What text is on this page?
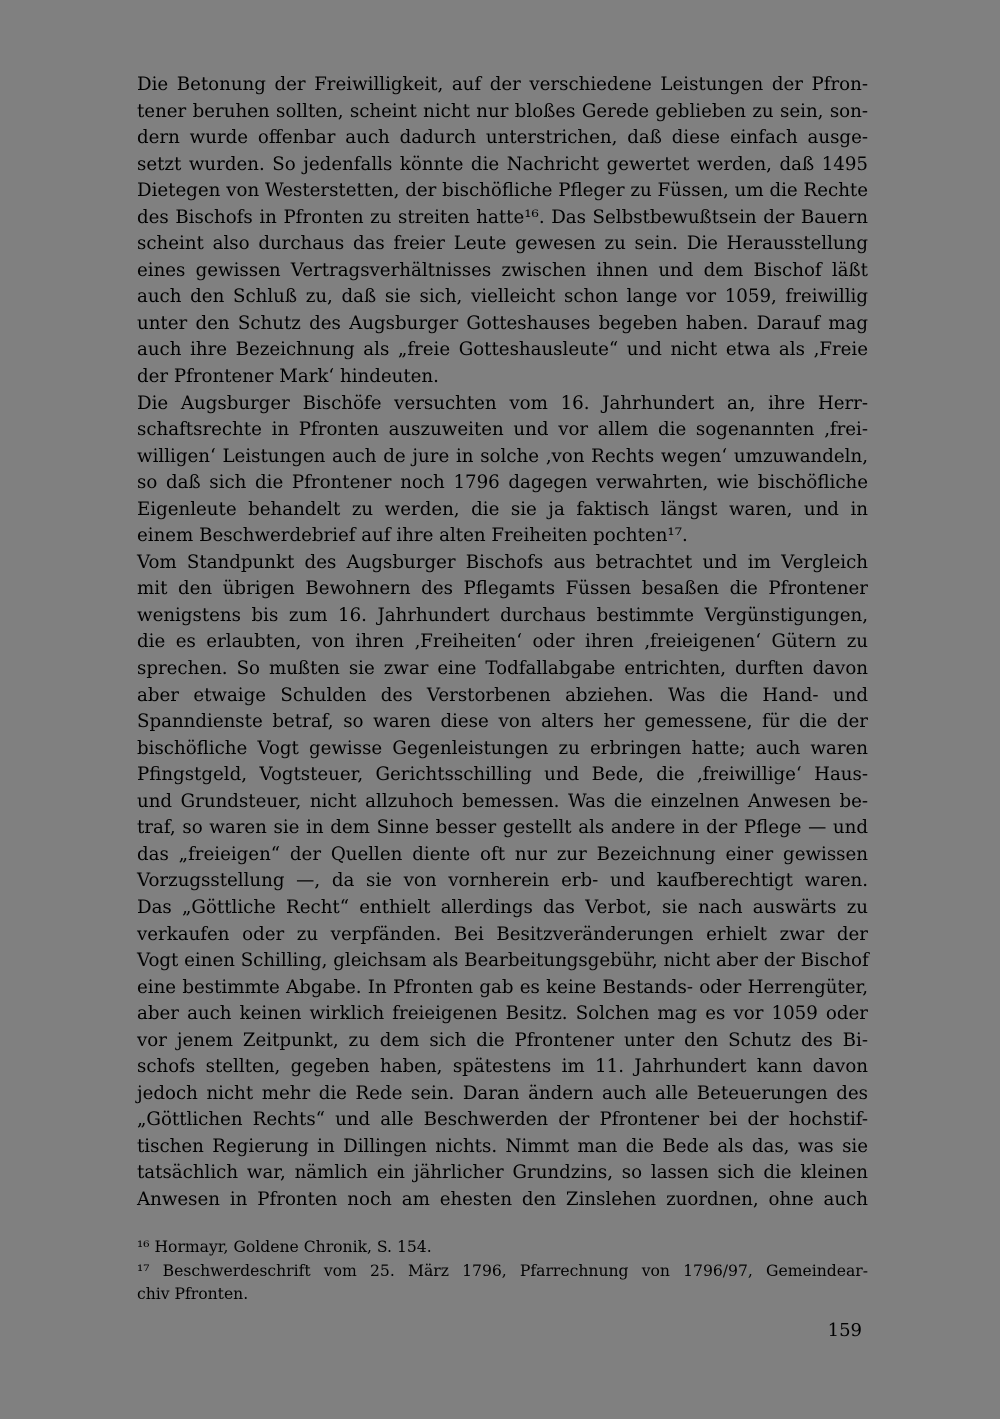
Die Betonung der Freiwilligkeit, auf der verschiedene Leistungen der Pfron-
tener beruhen sollten, scheint nicht nur bloßes Gerede geblieben zu sein, son-
dern wurde offenbar auch dadurch unterstrichen, daß diese einfach ausge-
setzt wurden. So jedenfalls könnte die Nachricht gewertet werden, daß 1495
Dietegen von Westerstetten, der bischöfliche Pfleger zu Füssen, um die Rechte
des Bischofs in Pfronten zu streiten hatte¹⁶. Das Selbstbewußtsein der Bauern
scheint also durchaus das freier Leute gewesen zu sein. Die Herausstellung
eines gewissen Vertragsverhältnisses zwischen ihnen und dem Bischof läßt
auch den Schluß zu, daß sie sich, vielleicht schon lange vor 1059, freiwillig
unter den Schutz des Augsburger Gotteshauses begeben haben. Darauf mag
auch ihre Bezeichnung als „freie Gotteshausleute“ und nicht etwa als ‚Freie
der Pfrontener Mark‘ hindeuten.
Die Augsburger Bischöfe versuchten vom 16. Jahrhundert an, ihre Herr-
schaftsrechte in Pfronten auszuweiten und vor allem die sogenannten ‚frei-
willigen‘ Leistungen auch de jure in solche ‚von Rechts wegen‘ umzuwandeln,
so daß sich die Pfrontener noch 1796 dagegen verwahrten, wie bischöfliche
Eigenleute behandelt zu werden, die sie ja faktisch längst waren, und in
einem Beschwerdebrief auf ihre alten Freiheiten pochten¹⁷.
Vom Standpunkt des Augsburger Bischofs aus betrachtet und im Vergleich
mit den übrigen Bewohnern des Pflegamts Füssen besaßen die Pfrontener
wenigstens bis zum 16. Jahrhundert durchaus bestimmte Vergünstigungen,
die es erlaubten, von ihren ‚Freiheiten‘ oder ihren ‚freieigenen‘ Gütern zu
sprechen. So mußten sie zwar eine Todfallabgabe entrichten, durften davon
aber etwaige Schulden des Verstorbenen abziehen. Was die Hand- und
Spanndienste betraf, so waren diese von alters her gemessene, für die der
bischöfliche Vogt gewisse Gegenleistungen zu erbringen hatte; auch waren
Pfingstgeld, Vogtsteuer, Gerichtsschilling und Bede, die ‚freiwillige‘ Haus-
und Grundsteuer, nicht allzuhoch bemessen. Was die einzelnen Anwesen be-
traf, so waren sie in dem Sinne besser gestellt als andere in der Pflege — und
das „freieigen“ der Quellen diente oft nur zur Bezeichnung einer gewissen
Vorzugsstellung —, da sie von vornherein erb- und kaufberechtigt waren.
Das „Göttliche Recht“ enthielt allerdings das Verbot, sie nach auswärts zu
verkaufen oder zu verpfänden. Bei Besitzveränderungen erhielt zwar der
Vogt einen Schilling, gleichsam als Bearbeitungsgebühr, nicht aber der Bischof
eine bestimmte Abgabe. In Pfronten gab es keine Bestands- oder Herrengüter,
aber auch keinen wirklich freieigenen Besitz. Solchen mag es vor 1059 oder
vor jenem Zeitpunkt, zu dem sich die Pfrontener unter den Schutz des Bi-
schofs stellten, gegeben haben, spätestens im 11. Jahrhundert kann davon
jedoch nicht mehr die Rede sein. Daran ändern auch alle Beteuerungen des
„Göttlichen Rechts“ und alle Beschwerden der Pfrontener bei der hochstif-
tischen Regierung in Dillingen nichts. Nimmt man die Bede als das, was sie
tatsächlich war, nämlich ein jährlicher Grundzins, so lassen sich die kleinen
Anwesen in Pfronten noch am ehesten den Zinslehen zuordnen, ohne auch
¹⁶ Hormayr, Goldene Chronik, S. 154.
¹⁷ Beschwerdeschrift vom 25. März 1796, Pfarrechnung von 1796/97, Gemeindear-
chiv Pfronten.
159
